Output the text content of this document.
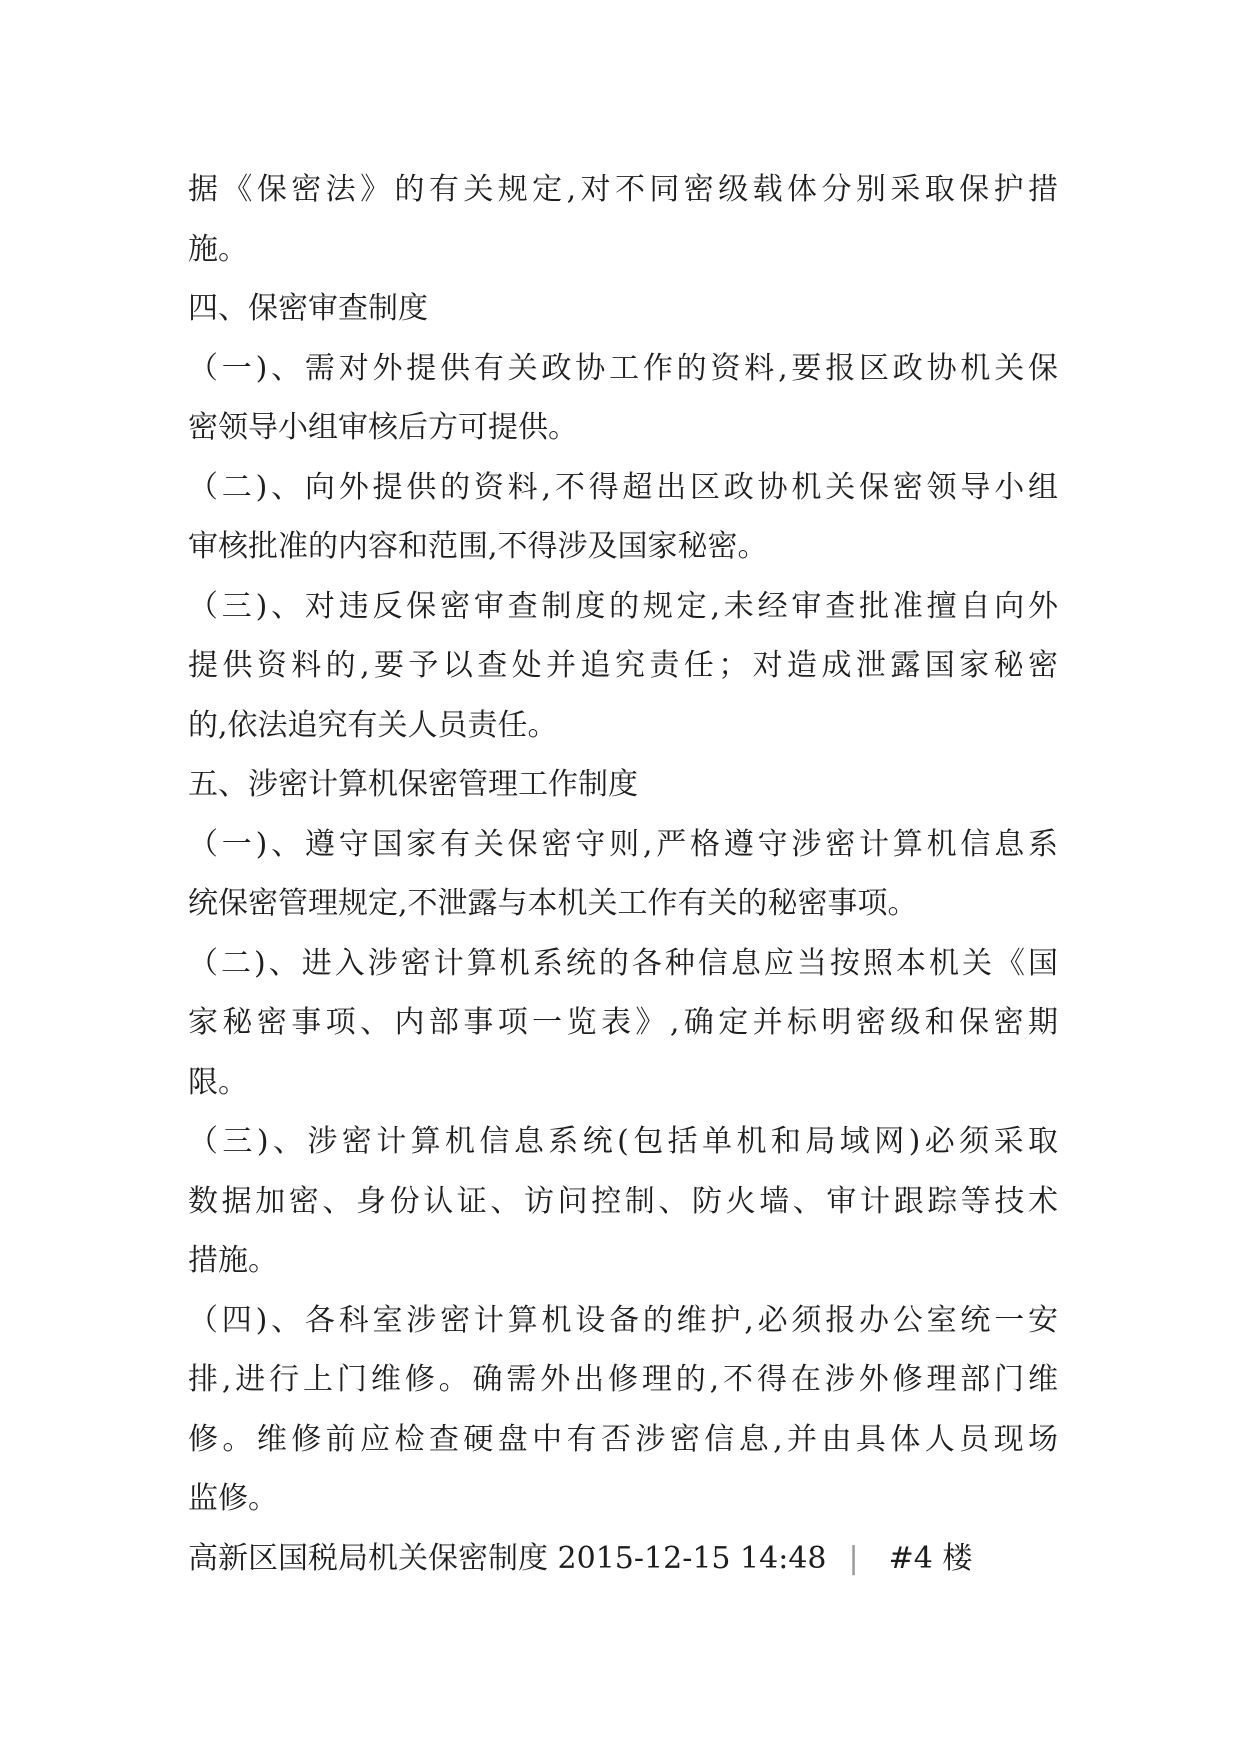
据《保密法》的有关规定,对不同密级载体分别采取保护措
施。
四、保密审查制度
（一)、需对外提供有关政协工作的资料,要报区政协机关保
密领导小组审核后方可提供。
（二)、向外提供的资料,不得超出区政协机关保密领导小组
审核批准的内容和范围,不得涉及国家秘密。
（三)、对违反保密审查制度的规定,未经审查批准擅自向外
提供资料的,要予以查处并追究责任；对造成泄露国家秘密
的,依法追究有关人员责任。
五、涉密计算机保密管理工作制度
（一)、遵守国家有关保密守则,严格遵守涉密计算机信息系
统保密管理规定,不泄露与本机关工作有关的秘密事项。
（二)、进入涉密计算机系统的各种信息应当按照本机关《国
家秘密事项、内部事项一览表》,确定并标明密级和保密期
限。
（三)、涉密计算机信息系统(包括单机和局域网)必须采取
数据加密、身份认证、访问控制、防火墙、审计跟踪等技术
措施。
（四)、各科室涉密计算机设备的维护,必须报办公室统一安
排,进行上门维修。确需外出修理的,不得在涉外修理部门维
修。维修前应检查硬盘中有否涉密信息,并由具体人员现场
监修。
高新区国税局机关保密制度 2015-12-15 14:48 | #4 楼
